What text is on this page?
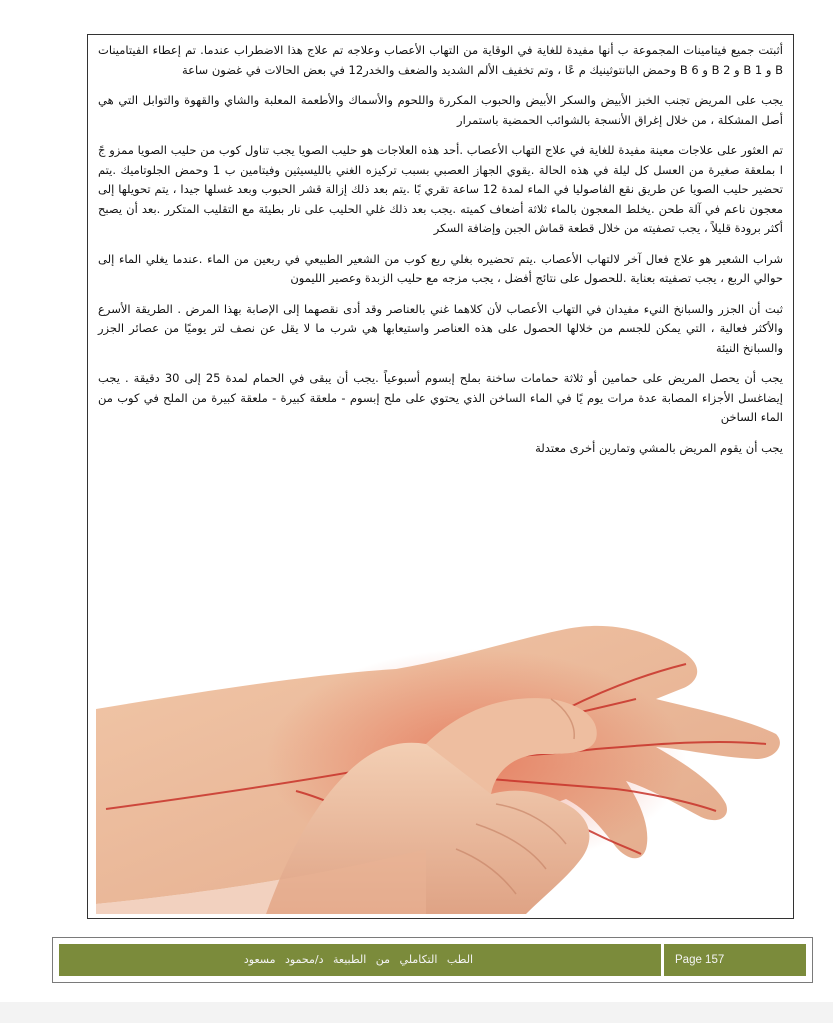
أثبتت جميع فيتامينات المجموعة ب أنها مفيدة للغاية في الوقاية من التهاب الأعصاب وعلاجه تم علاج هذا الاضطراب عندما. تم إعطاء الفيتامينات B و 1 B و 2 B و 6 B وحمض البانتوثينيك م عًا ، وتم تخفيف الألم الشديد والضعف والخدر12 في بعض الحالات في غضون ساعة

يجب على المريض تجنب الخبز الأبيض والسكر الأبيض والحبوب المكررة واللحوم والأسماك والأطعمة المعلبة والشاي والقهوة والتوابل التي هي أصل المشكلة ، من خلال إغراق الأنسجة بالشوائب الحمضية باستمرار

تم العثور على علاجات معينة مفيدة للغاية في علاج التهاب الأعصاب .أحد هذه العلاجات هو حليب الصويا يجب تناول كوب من حليب الصويا ممزو جً ا بملعقة صغيرة من العسل كل ليلة في هذه الحالة .يقوي الجهاز العصبي بسبب تركيزه الغني بالليسيثين وفيتامين ب 1 وحمض الجلوتاميك .يتم تحضير حليب الصويا عن طريق نقع الفاصوليا في الماء لمدة 12 ساعة تقري بًا .يتم بعد ذلك إزالة قشر الحبوب وبعد غسلها جيدا ، يتم تحويلها إلى معجون ناعم في آلة طحن .يخلط المعجون بالماء ثلاثة أضعاف كميته .يجب بعد ذلك غلي الحليب على نار بطيئة مع التقليب المتكرر .بعد أن يصبح أكثر برودة قليلاً ، يجب تصفيته من خلال قطعة قماش الجبن وإضافة السكر

شراب الشعير هو علاج فعال آخر لالتهاب الأعصاب .يتم تحضيره بغلي ربع كوب من الشعير الطبيعي في ربعين من الماء .عندما يغلي الماء إلى حوالي الربع ، يجب تصفيته بعناية .للحصول على نتائج أفضل ، يجب مزجه مع حليب الزبدة وعصير الليمون

ثبت أن الجزر والسبانخ النيء مفيدان في التهاب الأعصاب لأن كلاهما غني بالعناصر وقد أدى نقصهما إلى الإصابة بهذا المرض . الطريقة الأسرع والأكثر فعالية ، التي يمكن للجسم من خلالها الحصول على هذه العناصر واستيعابها هي شرب ما لا يقل عن نصف لتر يوميًا من عصائر الجزر والسبانخ النيئة

يجب أن يحصل المريض على حمامين أو ثلاثة حمامات ساخنة بملح إبسوم أسبوعياً .يجب أن يبقى في الحمام لمدة 25 إلى 30 دقيقة . يجب إيضاغسل الأجزاء المصابة عدة مرات يوم يًا في الماء الساخن الذي يحتوي على ملح إبسوم - ملعقة كبيرة - ملعقة كبيرة من الملح في كوب من الماء الساخن

يجب أن يقوم المريض بالمشي وتمارين أخرى معتدلة

الطب التكاملي من الطبيعة د/محمود مسعود	Page 157
